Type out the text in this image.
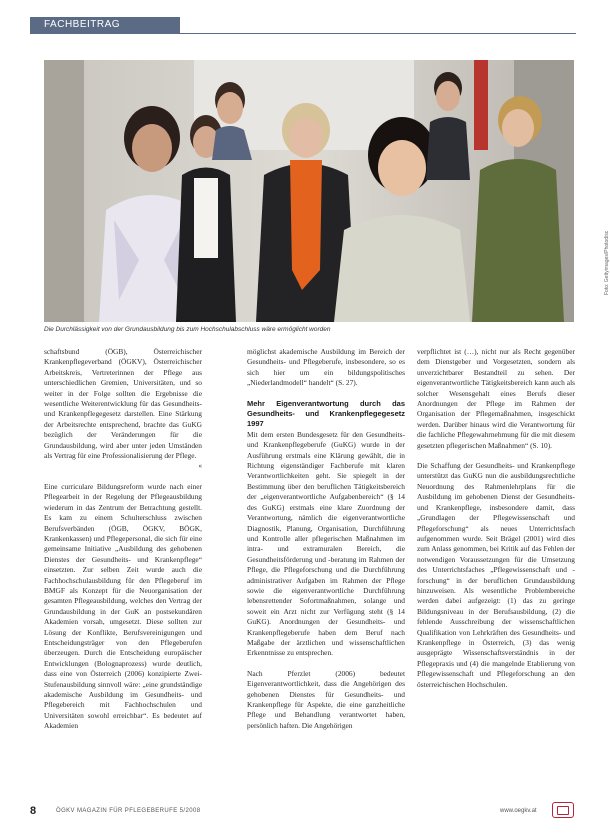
FACHBEITRAG
Foto: Gettyimages/Photodisc
Die Durchlässigkeit von der Grundausbildung bis zum Hochschulabschluss wäre ermöglicht worden

schaftsbund (ÖGB), Österreichischer Krankenpflegeverband (ÖGKV), Österreichischer Arbeitskreis, Vertreterinnen der Pflege aus unterschiedlichen Gremien, Universitäten, und so weiter in der Folge sollten die Ergebnisse die wesentliche Weiterentwicklung für das Gesundheits- und Krankenpflegegesetz darstellen. Eine Stärkung der Arbeitsrechte entsprechend, brachte das GuKG bezüglich der Veränderungen für die Grundausbildung, wird aber unter jeden Umständen als Vertrag für eine Professionalisierung der Pflege.
«

Eine curriculare Bildungsreform wurde nach einer Pflegearbeit in der Regelung der Pflegeausbildung wiederum in das Zentrum der Betrachtung gestellt. Es kam zu einem Schulterschluss zwischen Berufsverbänden (ÖGB, ÖGKV, BÖGK, Krankenkassen) und Pflegepersonal, die sich für eine gemeinsame Initiative „Ausbildung des gehobenen Dienstes der Gesundheits- und Krankenpflege“ einsetzten. Zur selben Zeit wurde auch die Fachhochschulausbildung für den Pflegeberuf im BMGF als Konzept für die Neuorganisation der gesamten Pflegeausbildung, welches den Vertrag der Grundausbildung in der GuK an postsekundären Akademien vorsah, umgesetzt. Diese sollten zur Lösung der Konflikte, Berufsvereinigungen und Entscheidungsträger von den Pflegeberufen überzeugen. Durch die Entscheidung europäischer Entwicklungen (Bolognaprozess) wurde deutlich, dass eine von Österreich (2006) konzipierte Zwei-Stufenausbildung sinnvoll wäre: „eine grundständige akademische Ausbildung im Gesundheits- und Pflegebereich mit Fachhochschulen und Universitäten sowohl erreichbar“. Es bedeutet auf Akademien

möglichst akademische Ausbildung im Bereich der Gesundheits- und Pflegeberufe, insbesondere, so es sich hier um ein bildungspolitisches „Niederlandmodell“ handelt“ (S. 27).

Mehr Eigenverantwortung durch das Gesundheits- und Krankenpflegegesetz 1997

Mit dem ersten Bundesgesetz für den Gesundheits- und Krankenpflegeberufe (GuKG) wurde in der Ausführung erstmals eine Klärung gewählt, die in Richtung eigenständiger Fachberufe mit klaren Verantwortlichkeiten geht. Sie spiegelt in der Bestimmung über den beruflichen Tätigkeitsbereich der „eigenverantwortliche Aufgabenbereich“ (§ 14 des GuKG) erstmals eine klare Zuordnung der Verantwortung, nämlich die eigenverantwortliche Diagnostik, Planung, Organisation, Durchführung und Kontrolle aller pflegerischen Maßnahmen im intra- und extramuralen Bereich, die Gesundheitsförderung und -beratung im Rahmen der Pflege, die Pflegeforschung und die Durchführung administrativer Aufgaben im Rahmen der Pflege sowie die eigenverantwortliche Durchführung lebensrettender Sofortmaßnahmen, solange und soweit ein Arzt nicht zur Verfügung steht (§ 14 GuKG). Anordnungen der Gesundheits- und Krankenpflegeberufe haben dem Beruf nach Maßgabe der ärztlichen und wissenschaftlichen Erkenntnisse zu entsprechen.

Nach Pferzlet (2006) bedeutet Eigenverantwortlichkeit, dass die Angehörigen des gehobenen Dienstes für Gesundheits- und Krankenpflege für Aspekte, die eine ganzheitliche Pflege und Behandlung verantwortet haben, persönlich haften. Die Angehörigen

verpflichtet ist (…), nicht nur als Recht gegenüber dem Dienstgeber und Vorgesetzten, sondern als unverzichtbarer Bestandteil zu sehen. Der eigenverantwortliche Tätigkeitsbereich kann auch als solcher Wesensgehalt eines Berufs dieser Anordnungen der Pflege im Rahmen der Organisation der Pflegemaßnahmen, insgeschickt werden. Darüber hinaus wird die Verantwortung für die fachliche Pflegewahrnehmung für die mit diesem gesetzten pflegerischen Maßnahmen“ (S. 10).

Die Schaffung der Gesundheits- und Krankenpflege unterstützt das GuKG nun die ausbildungsrechtliche Neuordnung des Rahmenlehrplans für die Ausbildung im gehobenen Dienst der Gesundheits- und Krankenpflege, insbesondere damit, dass „Grundlagen der Pflegewissenschaft und Pflegeforschung“ als neues Unterrichtsfach aufgenommen wurde. Seit Brägel (2001) wird dies zum Anlass genommen, bei Kritik auf das Fehlen der notwendigen Voraussetzungen für die Umsetzung des Unterrichtsfaches „Pflegewissenschaft und -forschung“ in der beruflichen Grundausbildung hinzuweisen. Als wesentliche Problembereiche werden dabei aufgezeigt: (1) das zu geringe Bildungsniveau in der Berufsausbildung, (2) die fehlende Ausschreibung der wissenschaftlichen Qualifikation von Lehrkräften des Gesundheits- und Krankenpflege in Österreich, (3) das wenig ausgeprägte Wissenschaftsverständnis in der Pflegepraxis und (4) die mangelnde Etablierung von Pflegewissenschaft und Pflegeforschung an den österreichischen Hochschulen.

8	ÖGKV MAGAZIN FÜR PFLEGEBERUFE 5/2008	www.oegkv.at
